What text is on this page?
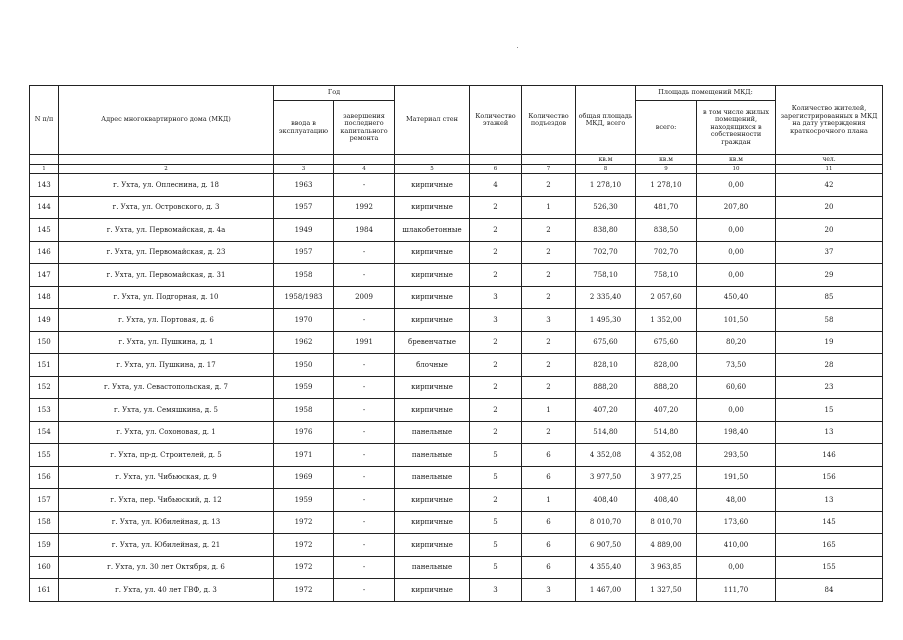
N п/п	Адрес многоквартирного дома (МКД)	Год		Материал стен	Количество этажей	Количество подъездов	общая площадь МКД, всего	Площадь помещений МКД:		Количество жителей, зарегистрированных в МКД на дату утверждения краткосрочного плана
		ввода в эксплуатацию	завершения последнего капитального ремонта					всего:	в том числе жилых помещений, находящихся в собственности граждан	
							кв.м	кв.м	кв.м	чел.
1	2	3	4	5	6	7	8	9	10	11
143	г. Ухта, ул. Оплеснина, д. 18	1963	-	кирпичные	4	2	1 278,10	1 278,10	0,00	42
144	г. Ухта, ул. Островского, д. 3	1957	1992	кирпичные	2	1	526,30	481,70	207,80	20
145	г. Ухта, ул. Первомайская, д. 4а	1949	1984	шлакобетонные	2	2	838,80	838,50	0,00	20
146	г. Ухта, ул. Первомайская, д. 23	1957	-	кирпичные	2	2	702,70	702,70	0,00	37
147	г. Ухта, ул. Первомайская, д. 31	1958	-	кирпичные	2	2	758,10	758,10	0,00	29
148	г. Ухта, ул. Подгорная, д. 10	1958/1983	2009	кирпичные	3	2	2 335,40	2 057,60	450,40	85
149	г. Ухта, ул. Портовая, д. 6	1970	-	кирпичные	3	3	1 495,30	1 352,00	101,50	58
150	г. Ухта, ул. Пушкина, д. 1	1962	1991	бревенчатые	2	2	675,60	675,60	80,20	19
151	г. Ухта, ул. Пушкина, д. 17	1950	-	блочные	2	2	828,10	828,00	73,50	28
152	г. Ухта, ул. Севастопольская, д. 7	1959	-	кирпичные	2	2	888,20	888,20	60,60	23
153	г. Ухта, ул. Семяшкина, д. 5	1958	-	кирпичные	2	1	407,20	407,20	0,00	15
154	г. Ухта, ул. Сохоновая, д. 1	1976	-	панельные	2	2	514,80	514,80	198,40	13
155	г. Ухта, пр-д. Строителей, д. 5	1971	-	панельные	5	6	4 352,08	4 352,08	293,50	146
156	г. Ухта, ул. Чибьюская, д. 9	1969	-	панельные	5	6	3 977,50	3 977,25	191,50	156
157	г. Ухта, пер. Чибьюский, д. 12	1959	-	кирпичные	2	1	408,40	408,40	48,00	13
158	г. Ухта, ул. Юбилейная, д. 13	1972	-	кирпичные	5	6	8 010,70	8 010,70	173,60	145
159	г. Ухта, ул. Юбилейная, д. 21	1972	-	кирпичные	5	6	6 907,50	4 889,00	410,00	165
160	г. Ухта, ул. 30 лет Октября, д. 6	1972	-	панельные	5	6	4 355,40	3 963,85	0,00	155
161	г. Ухта, ул. 40 лет ГВФ, д. 3	1972	-	кирпичные	3	3	1 467,00	1 327,50	111,70	84
